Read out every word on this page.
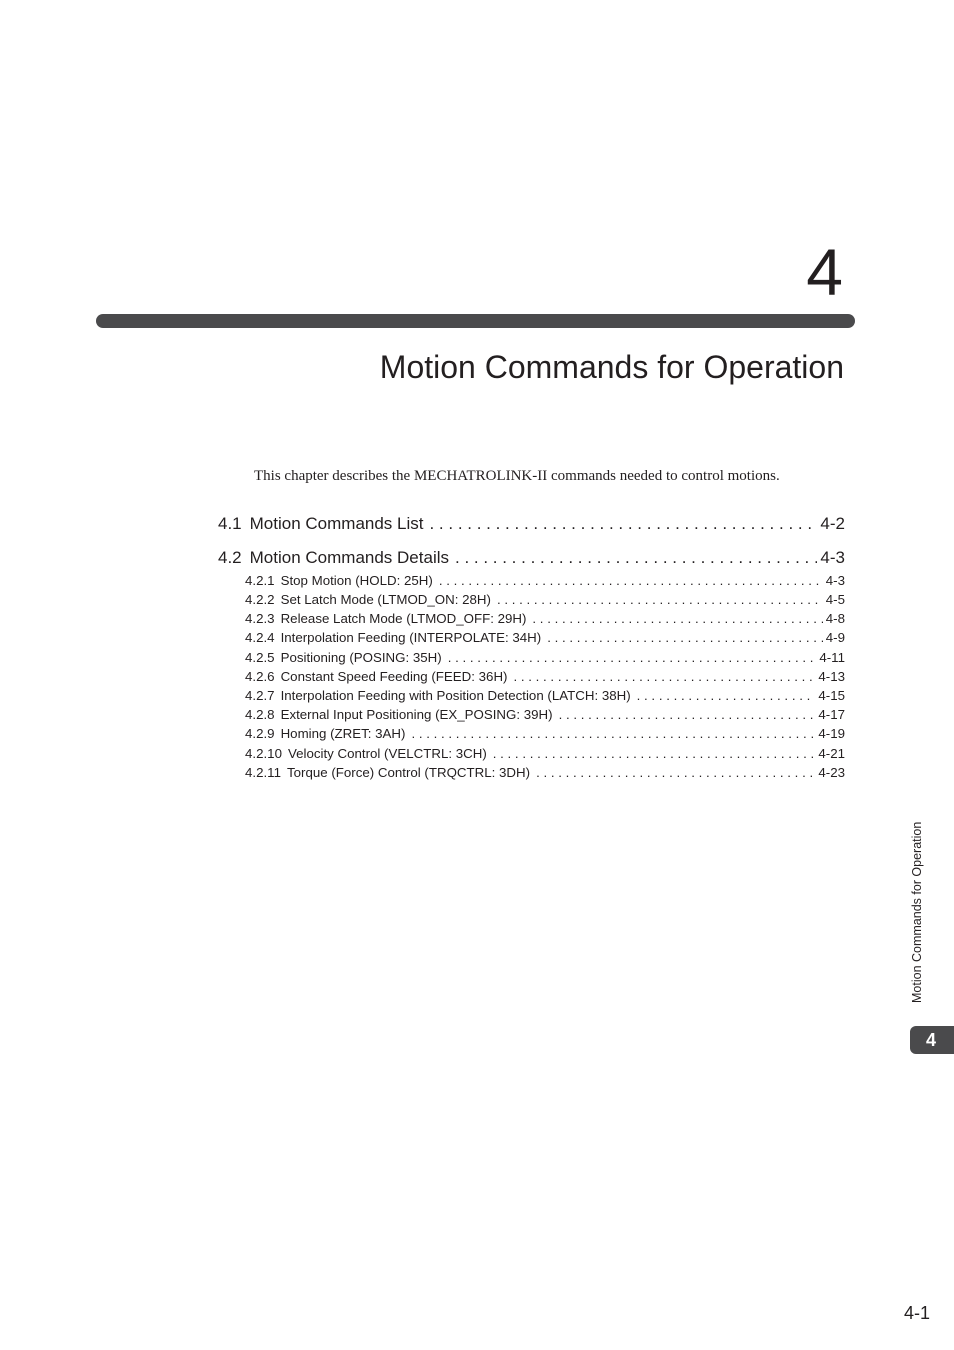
4
Motion Commands for Operation
This chapter describes the MECHATROLINK-II commands needed to control motions.
4.1 Motion Commands List . . .	4-2
4.2 Motion Commands Details . . .	4-3
4.2.1 Stop Motion (HOLD: 25H) . . .	4-3
4.2.2 Set Latch Mode (LTMOD_ON: 28H) . . .	4-5
4.2.3 Release Latch Mode (LTMOD_OFF: 29H) . . .	4-8
4.2.4 Interpolation Feeding (INTERPOLATE: 34H) . . .	4-9
4.2.5 Positioning (POSING: 35H) . . .	4-11
4.2.6 Constant Speed Feeding (FEED: 36H) . . .	4-13
4.2.7 Interpolation Feeding with Position Detection (LATCH: 38H) . . .	4-15
4.2.8 External Input Positioning (EX_POSING: 39H) . . .	4-17
4.2.9 Homing (ZRET: 3AH) . . .	4-19
4.2.10 Velocity Control (VELCTRL: 3CH) . . .	4-21
4.2.11 Torque (Force) Control (TRQCTRL: 3DH) . . .	4-23
Motion Commands for Operation
4
4-1
